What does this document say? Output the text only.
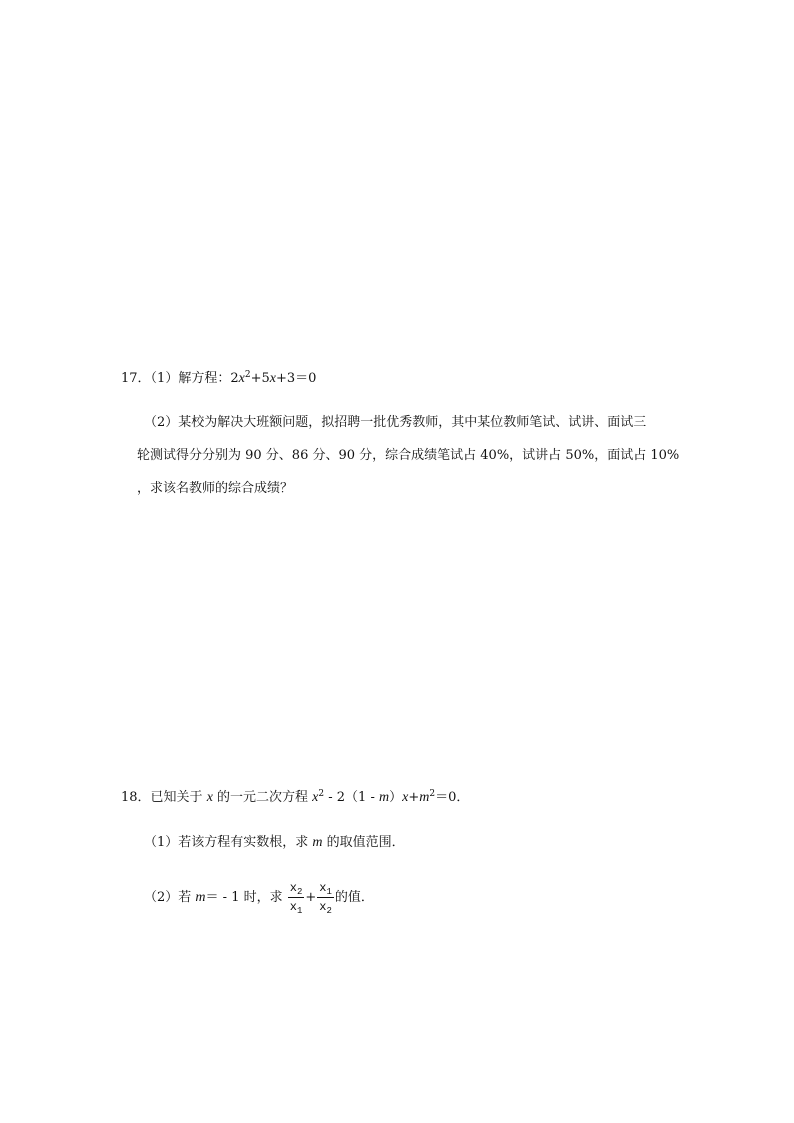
17．（1）解方程：$2x^2+5x+3=0$
（2）某校为解决大班额问题，拟招聘一批优秀教师，其中某位教师笔试、试讲、面试三
轮测试得分分别为 90 分、86 分、90 分，综合成绩笔试占 40%，试讲占 50%，面试占 10%
，求该名教师的综合成绩？
18．已知关于 x 的一元二次方程 $x^2 - 2(1 - m)x+m^2=0$．
（1）若该方程有实数根，求 m 的取值范围．
（2）若 m＝ - 1 时，求 $\frac{x_2}{x_1} + \frac{x_1}{x_2}$ 的值．
